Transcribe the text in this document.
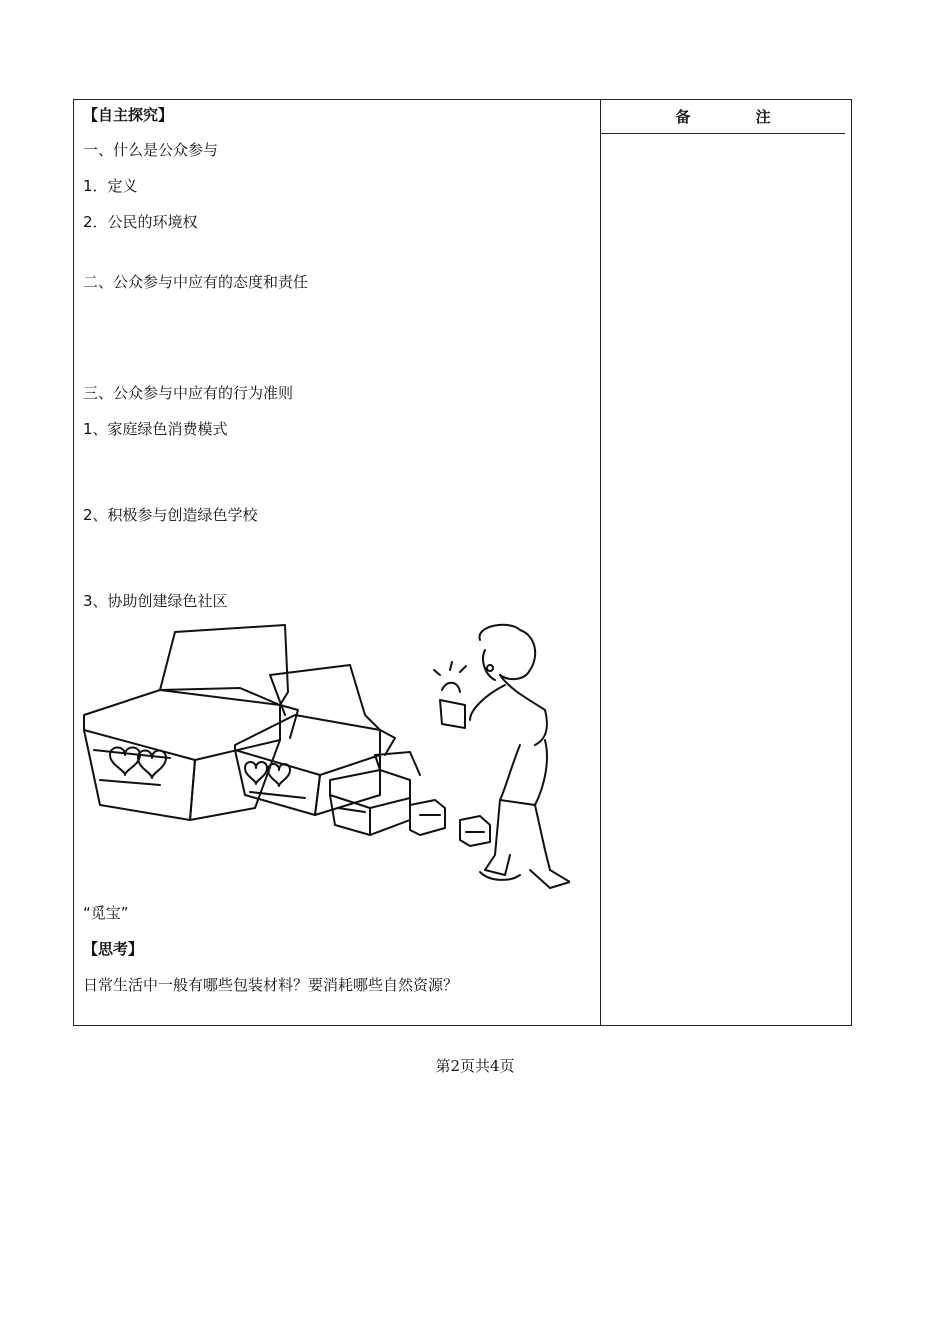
备 注
【自主探究】
一、什么是公众参与
1．定义
2．公民的环境权
二、公众参与中应有的态度和责任
三、公众参与中应有的行为准则
1、家庭绿色消费模式
2、积极参与创造绿色学校
3、协助创建绿色社区
“觅宝”
【思考】
日常生活中一般有哪些包装材料？要消耗哪些自然资源？
第2页共4页
